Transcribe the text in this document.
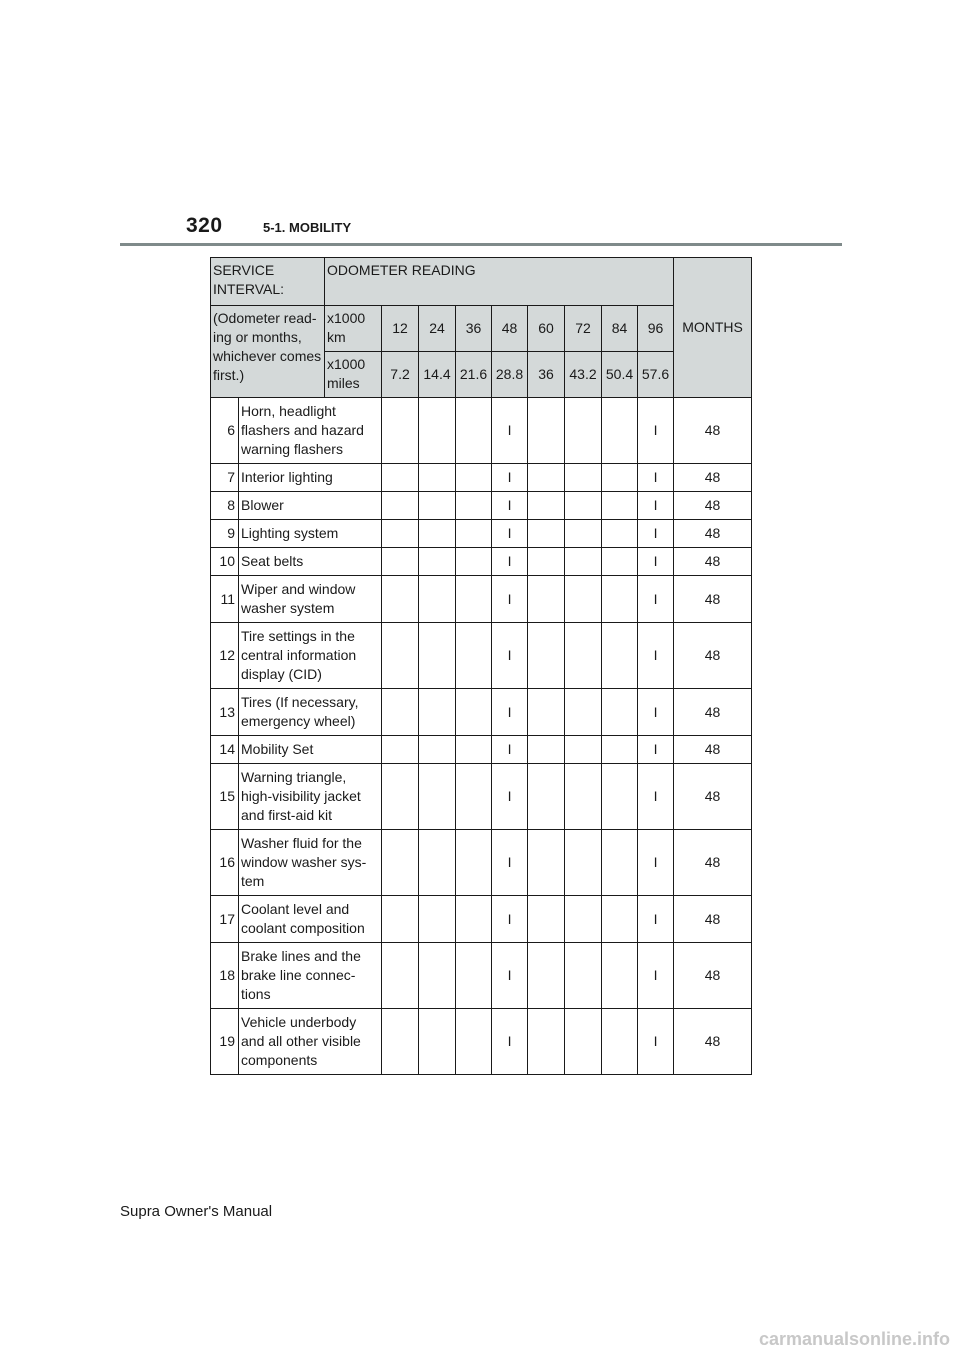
320	5-1. MOBILITY
SERVICE INTERVAL:		ODOMETER READING									MONTHS
(Odometer read-ing or months, whichever comes first.)		x1000 km	12	24	36	48	60	72	84	96	
		x1000 miles	7.2	14.4	21.6	28.8	36	43.2	50.4	57.6	
6	Horn, headlight flashers and hazard warning flashers					I				I	48
7	Interior lighting					I				I	48
8	Blower					I				I	48
9	Lighting system					I				I	48
10	Seat belts					I				I	48
11	Wiper and window washer system					I				I	48
12	Tire settings in the central information display (CID)					I				I	48
13	Tires (If necessary, emergency wheel)					I				I	48
14	Mobility Set					I				I	48
15	Warning triangle, high-visibility jacket and first-aid kit					I				I	48
16	Washer fluid for the window washer sys-tem					I				I	48
17	Coolant level and coolant composition					I				I	48
18	Brake lines and the brake line connec-tions					I				I	48
19	Vehicle underbody and all other visible components					I				I	48
Supra Owner's Manual
carmanualsonline.info
